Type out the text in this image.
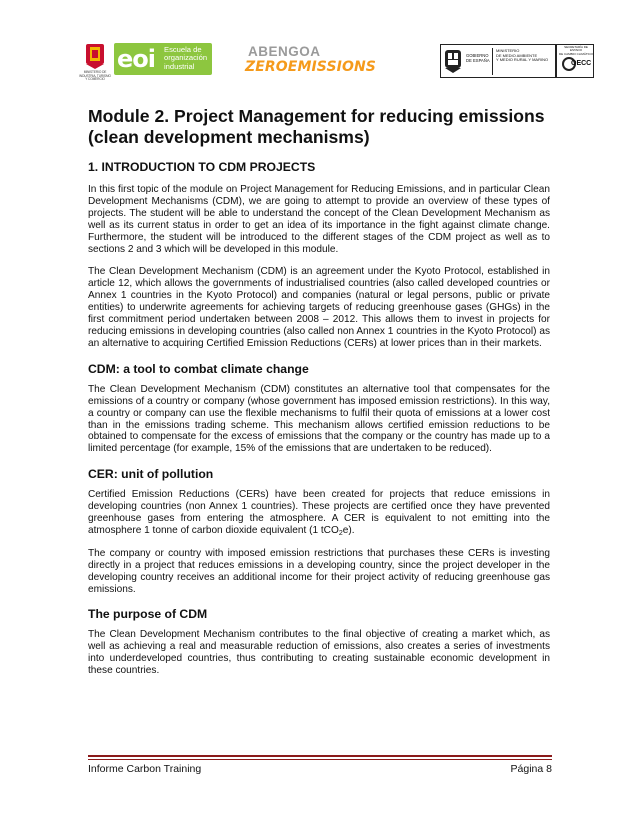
MINISTERIO DE INDUSTRIA, TURISMO Y COMERCIO
eoi Escuela de
organización
industrial
ABENGOA
ZEROEMISSIONS
GOBIERNO
DE ESPAÑA
MINISTERIO
DE MEDIO AMBIENTE
Y MEDIO RURAL Y MARINO
SECRETARÍA DE ESTADO
DE CAMBIO CLIMÁTICO
OECC
Module 2. Project Management for reducing emissions (clean development mechanisms)
1. INTRODUCTION TO CDM PROJECTS

In this first topic of the module on Project Management for Reducing Emissions, and in particular Clean Development Mechanisms (CDM), we are going to attempt to provide an overview of these types of projects. The student will be able to understand the concept of the Clean Development Mechanism as well as its current status in order to get an idea of its importance in the fight against climate change. Furthermore, the student will be introduced to the different stages of the CDM project as well as to sections 2 and 3 which will be developed in this module.

The Clean Development Mechanism (CDM) is an agreement under the Kyoto Protocol, established in article 12, which allows the governments of industrialised countries (also called developed countries or Annex 1 countries in the Kyoto Protocol) and companies (natural or legal persons, public or private entities) to underwrite agreements for achieving targets of reducing greenhouse gases (GHGs) in the first commitment period undertaken between 2008 – 2012. This allows them to invest in projects for reducing emissions in developing countries (also called non Annex 1 countries in the Kyoto Protocol) as an alternative to acquiring Certified Emission Reductions (CERs) at lower prices than in their markets.

CDM: a tool to combat climate change

The Clean Development Mechanism (CDM) constitutes an alternative tool that compensates for the emissions of a country or company (whose government has imposed emission restrictions). In this way, a country or company can use the flexible mechanisms to fulfil their quota of emissions at a lower cost than in the emissions trading scheme. This mechanism allows certified emission reductions to be obtained to compensate for the excess of emissions that the company or the country has made up to a limited percentage (for example, 15% of the emissions that are undertaken to be reduced).

CER: unit of pollution

Certified Emission Reductions (CERs) have been created for projects that reduce emissions in developing countries (non Annex 1 countries). These projects are certified once they have prevented greenhouse gases from entering the atmosphere. A CER is equivalent to not emitting into the atmosphere 1 tonne of carbon dioxide equivalent (1 tCO$_2$e).

The company or country with imposed emission restrictions that purchases these CERs is investing directly in a project that reduces emissions in a developing country, since the project developer in the developing country receives an additional income for their project activity of reducing greenhouse gas emissions.

The purpose of CDM

The Clean Development Mechanism contributes to the final objective of creating a market which, as well as achieving a real and measurable reduction of emissions, also creates a series of investments into underdeveloped countries, thus contributing to creating sustainable economic development in these countries.

Informe Carbon Training	Página 8
